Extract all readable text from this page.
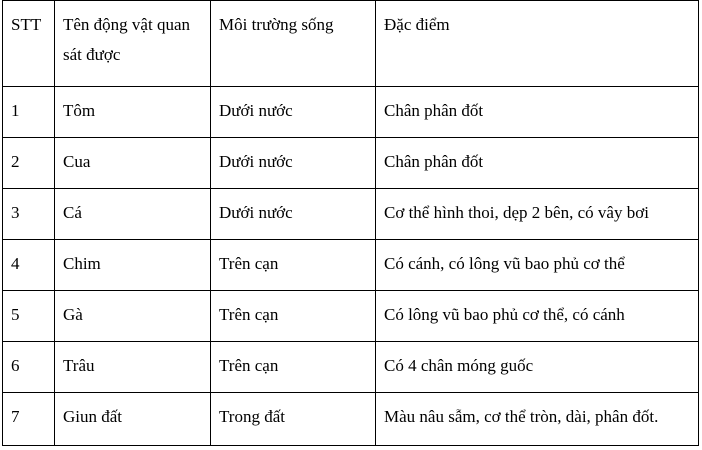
STT	Tên động vật quan sát được	Môi trường sống	Đặc điểm
1	Tôm	Dưới nước	Chân phân đốt
2	Cua	Dưới nước	Chân phân đốt
3	Cá	Dưới nước	Cơ thể hình thoi, dẹp 2 bên, có vây bơi
4	Chim	Trên cạn	Có cánh, có lông vũ bao phủ cơ thể
5	Gà	Trên cạn	Có lông vũ bao phủ cơ thể, có cánh
6	Trâu	Trên cạn	Có 4 chân móng guốc
7	Giun đất	Trong đất	Màu nâu sẫm, cơ thể tròn, dài, phân đốt.
